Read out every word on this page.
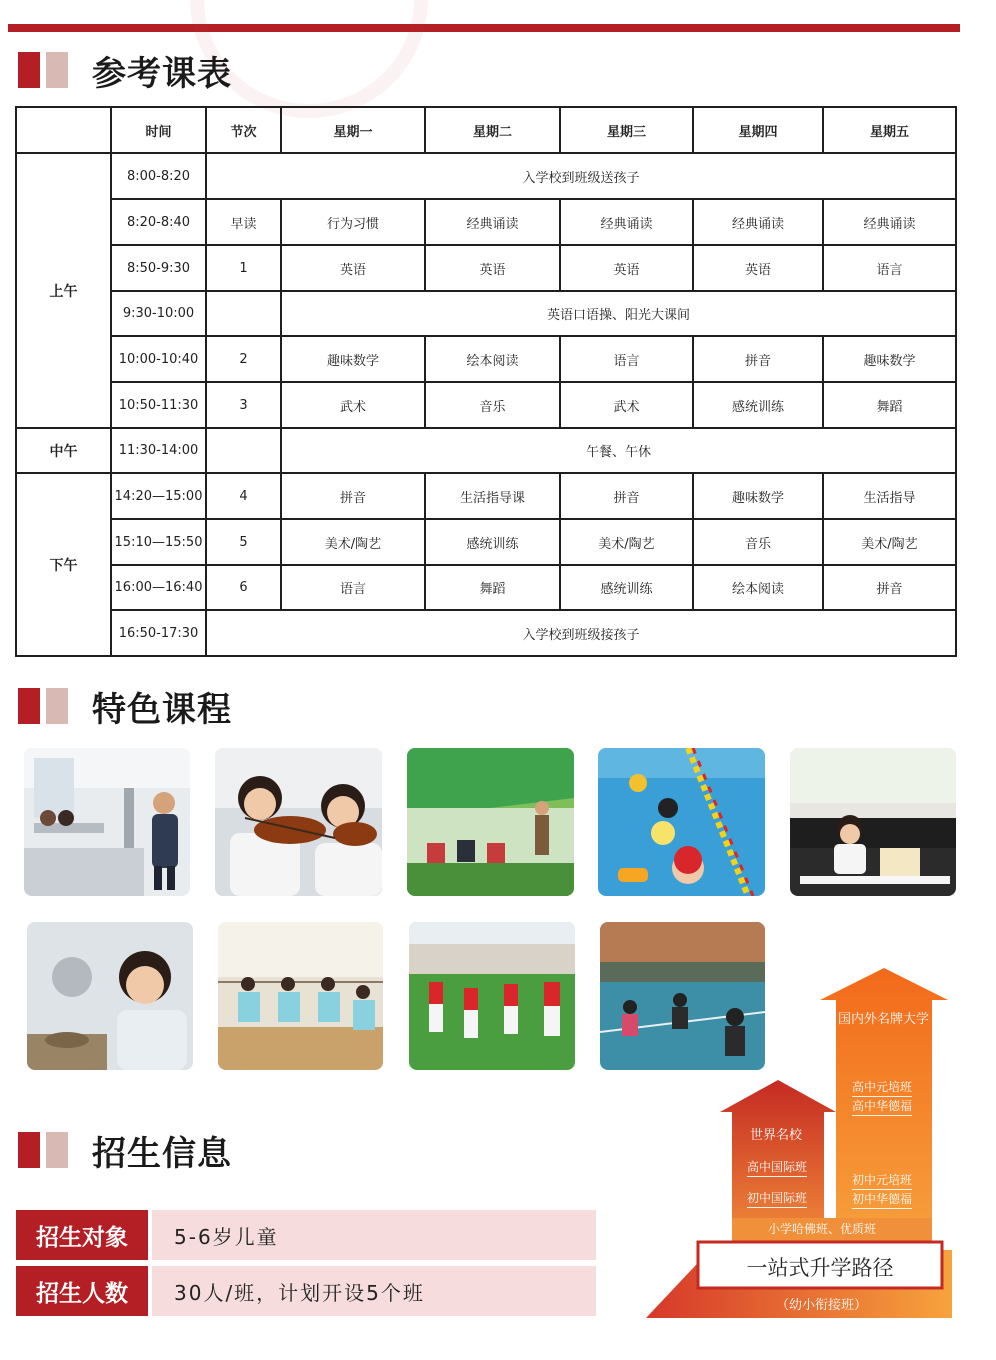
参考课表
	时间	节次	星期一	星期二	星期三	星期四	星期五
上午	8:00-8:20	入学校到班级送孩子					
	8:20-8:40	早读	行为习惯	经典诵读	经典诵读	经典诵读	经典诵读
	8:50-9:30	1	英语	英语	英语	英语	语言
	9:30-10:00		英语口语操、阳光大课间				
	10:00-10:40	2	趣味数学	绘本阅读	语言	拼音	趣味数学
	10:50-11:30	3	武术	音乐	武术	感统训练	舞蹈
中午	11:30-14:00		午餐、午休				
下午	14:20—15:00	4	拼音	生活指导课	拼音	趣味数学	生活指导
	15:10—15:50	5	美术/陶艺	感统训练	美术/陶艺	音乐	美术/陶艺
	16:00—16:40	6	语言	舞蹈	感统训练	绘本阅读	拼音
	16:50-17:30	入学校到班级接孩子					
特色课程
招生信息
招生对象	5-6岁儿童
招生人数	30人/班，计划开设5个班
国内外名牌大学
高中元培班
高中华德福
初中元培班
初中华德福
世界名校
高中国际班
初中国际班
小学哈佛班、优质班
一站式升学路径
（幼小衔接班）
